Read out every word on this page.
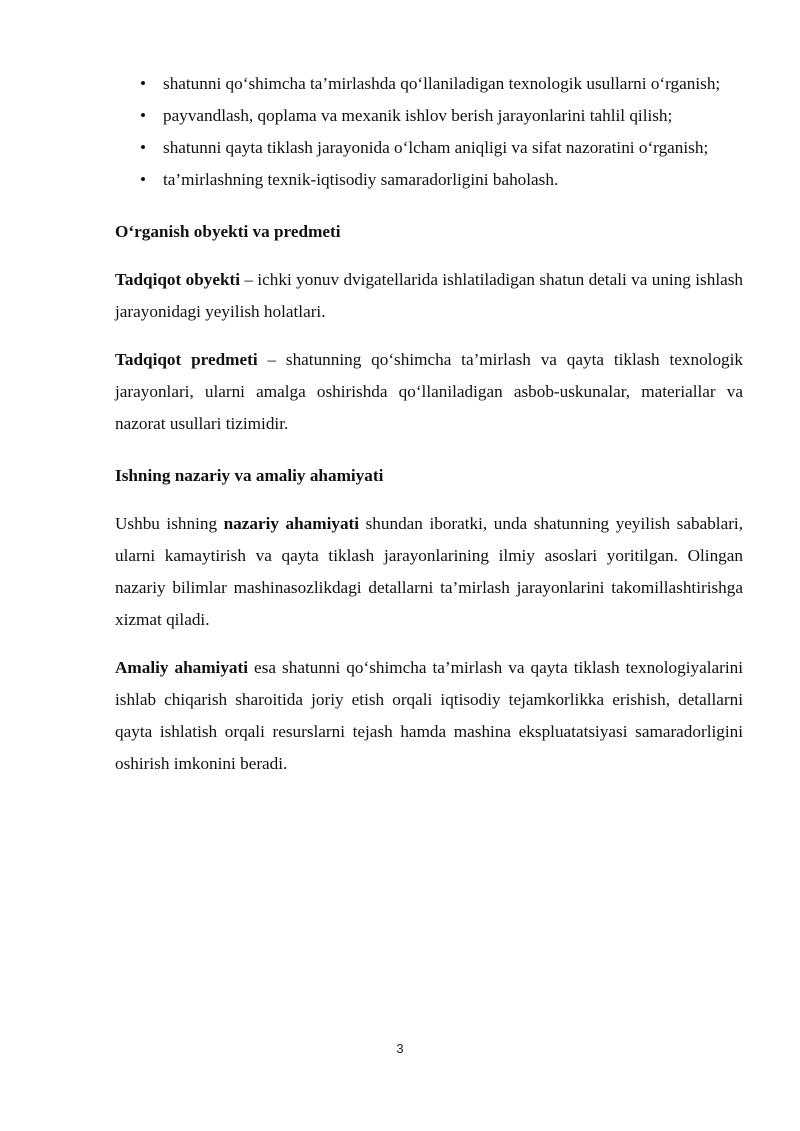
• shatunni qo‘shimcha ta’mirlashda qo‘llaniladigan texnologik usullarni o‘rganish;
• payvandlash, qoplama va mexanik ishlov berish jarayonlarini tahlil qilish;
• shatunni qayta tiklash jarayonida o‘lcham aniqligi va sifat nazoratini o‘rganish;
• ta’mirlashning texnik-iqtisodiy samaradorligini baholash.
O‘rganish obyekti va predmeti

Tadqiqot obyekti – ichki yonuv dvigatellarida ishlatiladigan shatun detali va uning ishlash jarayonidagi yeyilish holatlari.

Tadqiqot predmeti – shatunning qo‘shimcha ta’mirlash va qayta tiklash texnologik jarayonlari, ularni amalga oshirishda qo‘llaniladigan asbob-uskunalar, materiallar va nazorat usullari tizimidir.

Ishning nazariy va amaliy ahamiyati

Ushbu ishning nazariy ahamiyati shundan iboratki, unda shatunning yeyilish sabablari, ularni kamaytirish va qayta tiklash jarayonlarining ilmiy asoslari yoritilgan. Olingan nazariy bilimlar mashinasozlikdagi detallarni ta’mirlash jarayonlarini takomillashtirishga xizmat qiladi.

Amaliy ahamiyati esa shatunni qo‘shimcha ta’mirlash va qayta tiklash texnologiyalarini ishlab chiqarish sharoitida joriy etish orqali iqtisodiy tejamkorlikka erishish, detallarni qayta ishlatish orqali resurslarni tejash hamda mashina ekspluatatsiyasi samaradorligini oshirish imkonini beradi.

3
